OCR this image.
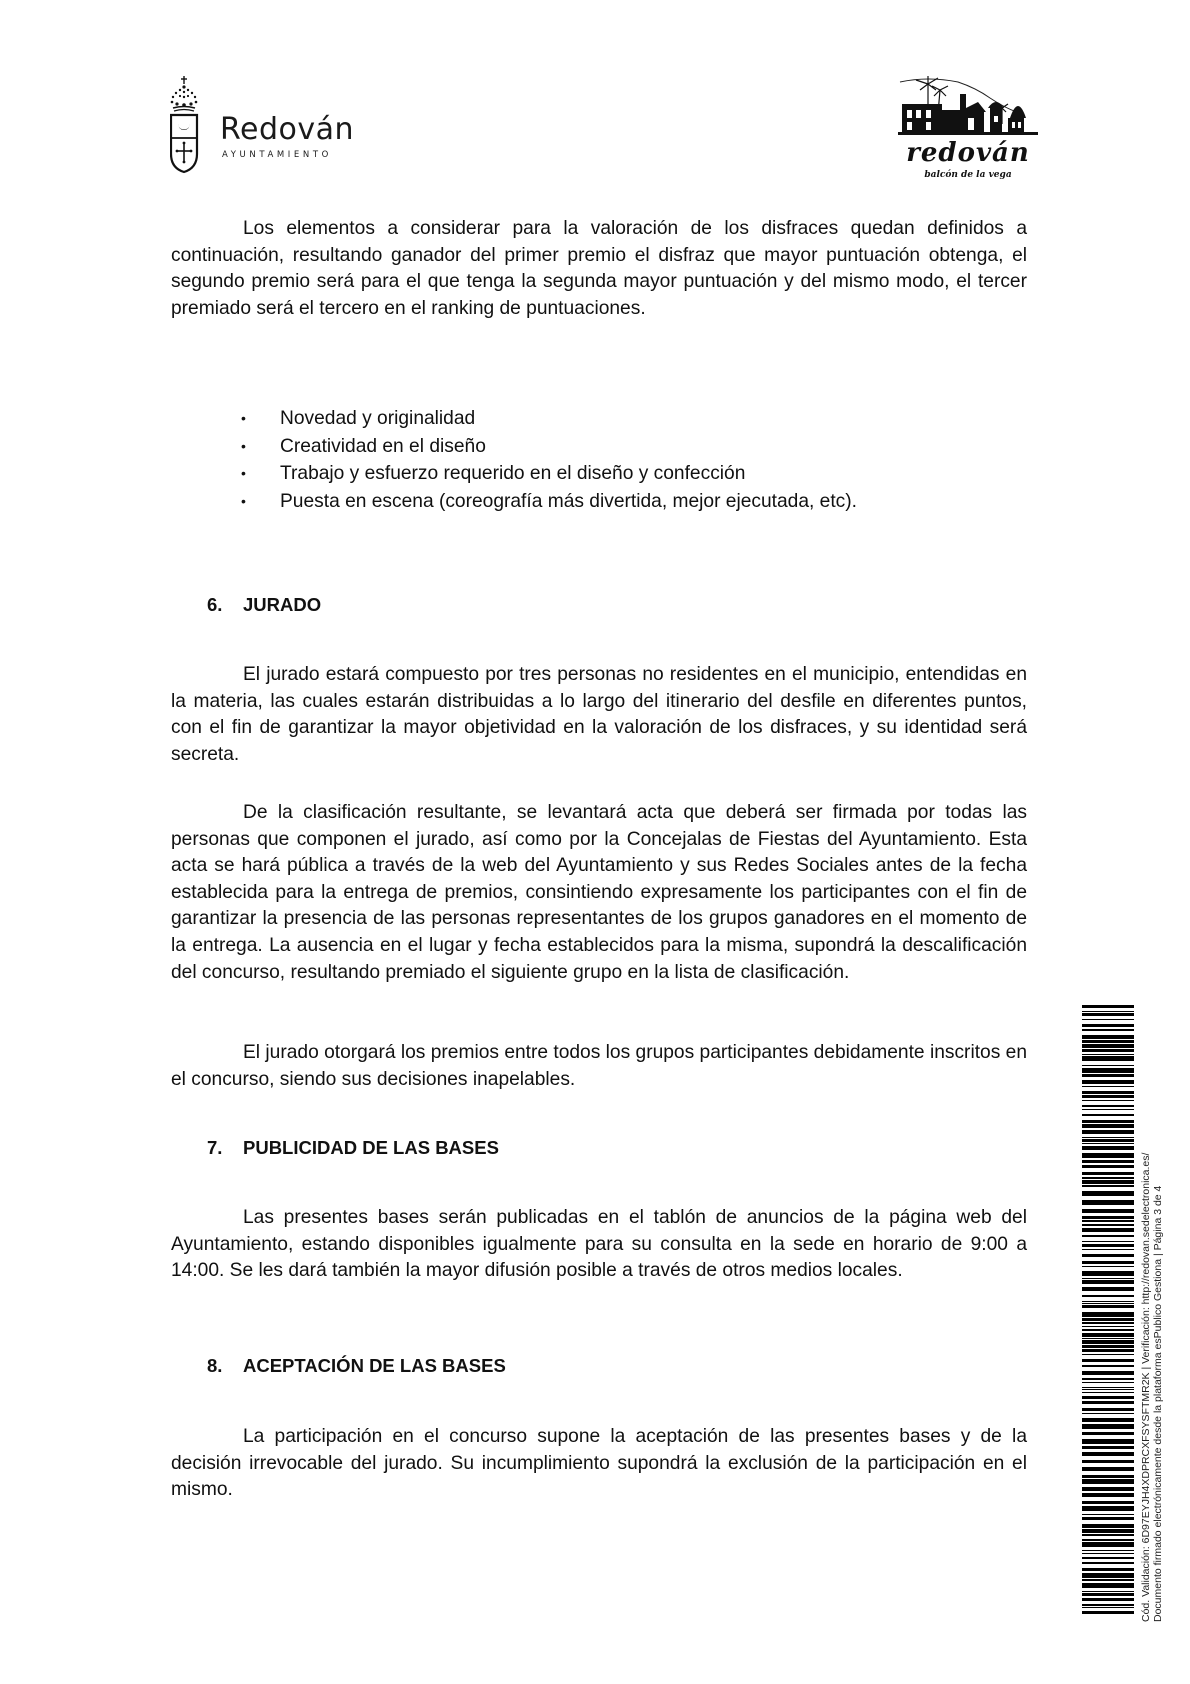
Redován
AYUNTAMIENTO	redován
balcón de la vega

Los elementos a considerar para la valoración de los disfraces quedan definidos a continuación, resultando ganador del primer premio el disfraz que mayor puntuación obtenga, el segundo premio será para el que tenga la segunda mayor puntuación y del mismo modo, el tercer premiado será el tercero en el ranking de puntuaciones.

• Novedad y originalidad
• Creatividad en el diseño
• Trabajo y esfuerzo requerido en el diseño y confección
• Puesta en escena (coreografía más divertida, mejor ejecutada, etc).
6. JURADO

El jurado estará compuesto por tres personas no residentes en el municipio, entendidas en la materia, las cuales estarán distribuidas a lo largo del itinerario del desfile en diferentes puntos, con el fin de garantizar la mayor objetividad en la valoración de los disfraces, y su identidad será secreta.

De la clasificación resultante, se levantará acta que deberá ser firmada por todas las personas que componen el jurado, así como por la Concejalas de Fiestas del Ayuntamiento. Esta acta se hará pública a través de la web del Ayuntamiento y sus Redes Sociales antes de la fecha establecida para la entrega de premios, consintiendo expresamente los participantes con el fin de garantizar la presencia de las personas representantes de los grupos ganadores en el momento de la entrega. La ausencia en el lugar y fecha establecidos para la misma, supondrá la descalificación del concurso, resultando premiado el siguiente grupo en la lista de clasificación.

El jurado otorgará los premios entre todos los grupos participantes debidamente inscritos en el concurso, siendo sus decisiones inapelables.

7. PUBLICIDAD DE LAS BASES

Las presentes bases serán publicadas en el tablón de anuncios de la página web del Ayuntamiento, estando disponibles igualmente para su consulta en la sede en horario de 9:00 a 14:00. Se les dará también la mayor difusión posible a través de otros medios locales.

8. ACEPTACIÓN DE LAS BASES

La participación en el concurso supone la aceptación de las presentes bases y de la decisión irrevocable del jurado. Su incumplimiento supondrá la exclusión de la participación en el mismo.	Cód. Validación: 6D97EYJH4XDPRCXFSYSFTMR2K | Verificación: http://redovan.sedelectronica.es/ Documento firmado electrónicamente desde la plataforma esPublico Gestiona | Página 3 de 4
